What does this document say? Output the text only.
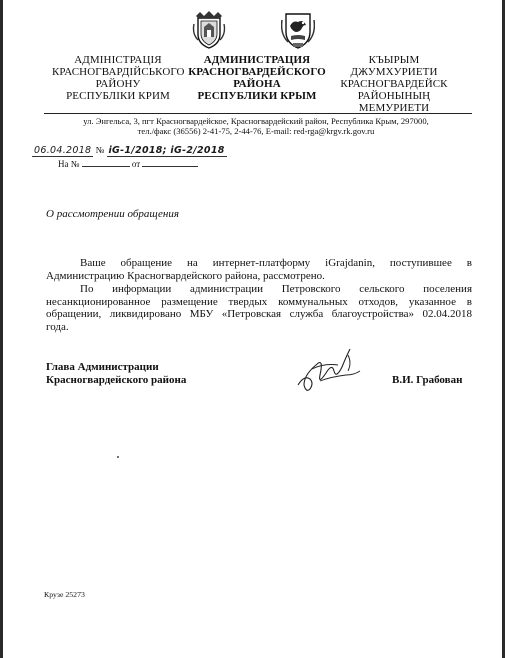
АДМІНІСТРАЦІЯ
КРАСНОГВАРДІЙСЬКОГО
РАЙОНУ
РЕСПУБЛІКИ КРИМ
АДМИНИСТРАЦИЯ
КРАСНОГВАРДЕЙСКОГО
РАЙОНА
РЕСПУБЛИКИ КРЫМ
КЪЫРЫМ
ДЖУМХУРИЕТИ
КРАСНОГВАРДЕЙСК
РАЙОНЫНЫҢ
МЕМУРИЕТИ
ул. Энгельса, 3, пгт Красногвардейское, Красногвардейский район, Республика Крым, 297000,
тел./факс (36556) 2-41-75, 2-44-76, E-mail: red-rga@krgv.rk.gov.ru
06.04.2018 № iG-1/2018; iG-2/2018
На №	от
О рассмотрении обращения
Ваше обращение на интернет-платформу iGrajdanin, поступившее в
Администрацию Красногвардейского района, рассмотрено.
По информации администрации Петровского сельского поселения
несанкционированное размещение твердых коммунальных отходов, указанное в
обращении, ликвидировано МБУ «Петровская служба благоустройства» 02.04.2018
года.
Глава Администрации
Красногвардейского района	В.И. Грабован
Крузе 25273
